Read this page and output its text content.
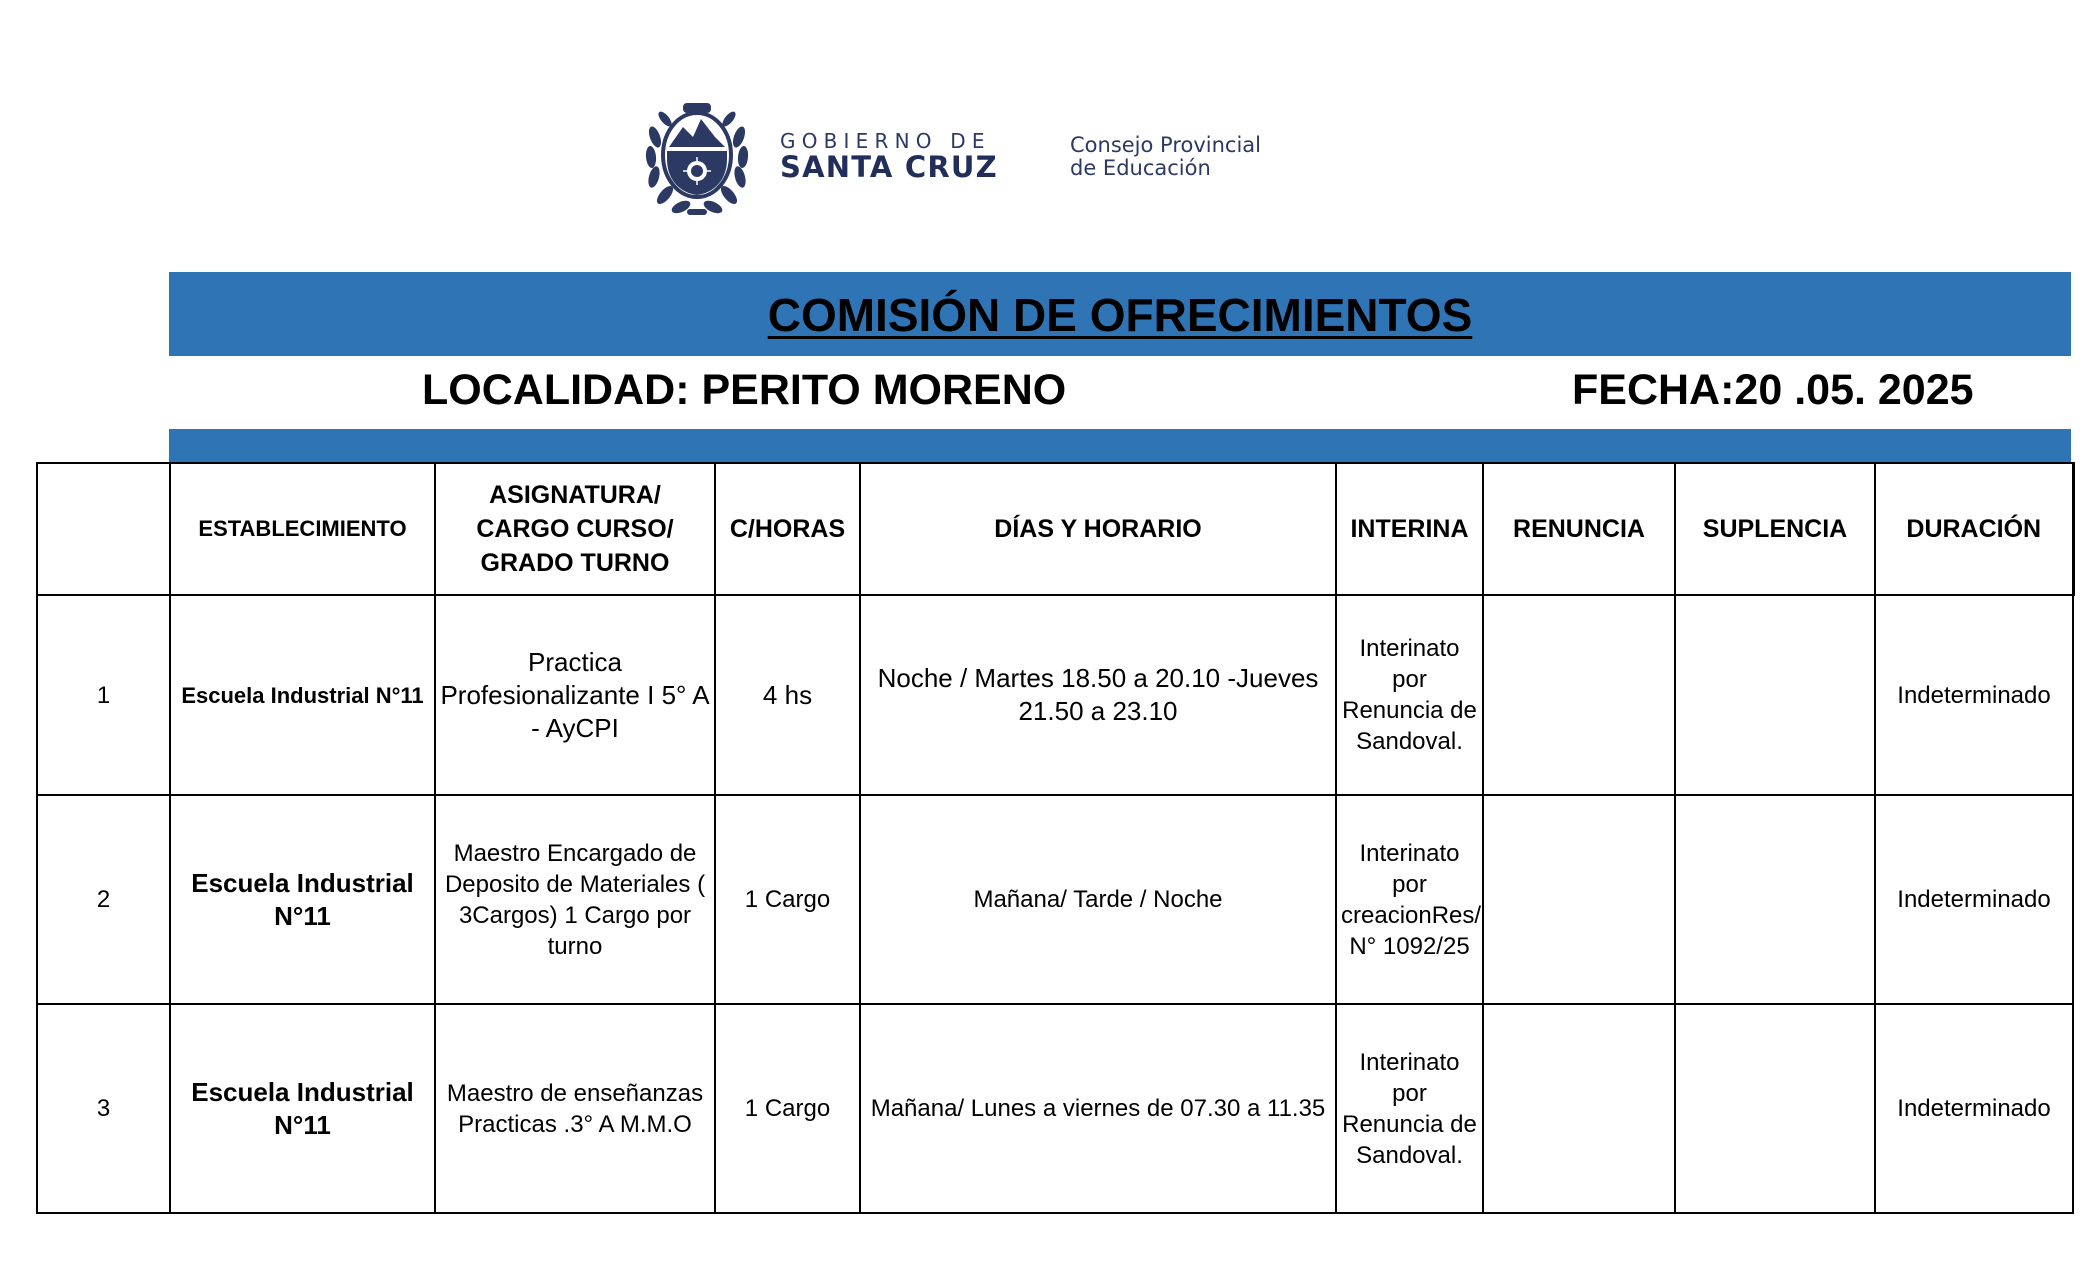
GOBIERNO DE
SANTA CRUZ
Consejo Provincial
de Educación
COMISIÓN DE OFRECIMIENTOS
LOCALIDAD: PERITO MORENO	FECHA:20 .05. 2025
	ESTABLECIMIENTO	ASIGNATURA/ CARGO CURSO/ GRADO TURNO	C/HORAS	DÍAS Y HORARIO	INTERINA	RENUNCIA	SUPLENCIA	DURACIÓN
1	Escuela Industrial N°11	Practica Profesionalizante I 5° A - AyCPI	4 hs	Noche / Martes 18.50 a 20.10 -Jueves 21.50 a 23.10	Interinato por Renuncia de Sandoval.			Indeterminado
2	Escuela Industrial N°11	Maestro Encargado de Deposito de Materiales ( 3Cargos) 1 Cargo por turno	1 Cargo	Mañana/ Tarde / Noche	Interinato por creacionRes/ N° 1092/25			Indeterminado
3	Escuela Industrial N°11	Maestro de enseñanzas Practicas .3° A M.M.O	1 Cargo	Mañana/ Lunes a viernes de 07.30 a 11.35	Interinato por Renuncia de Sandoval.			Indeterminado
